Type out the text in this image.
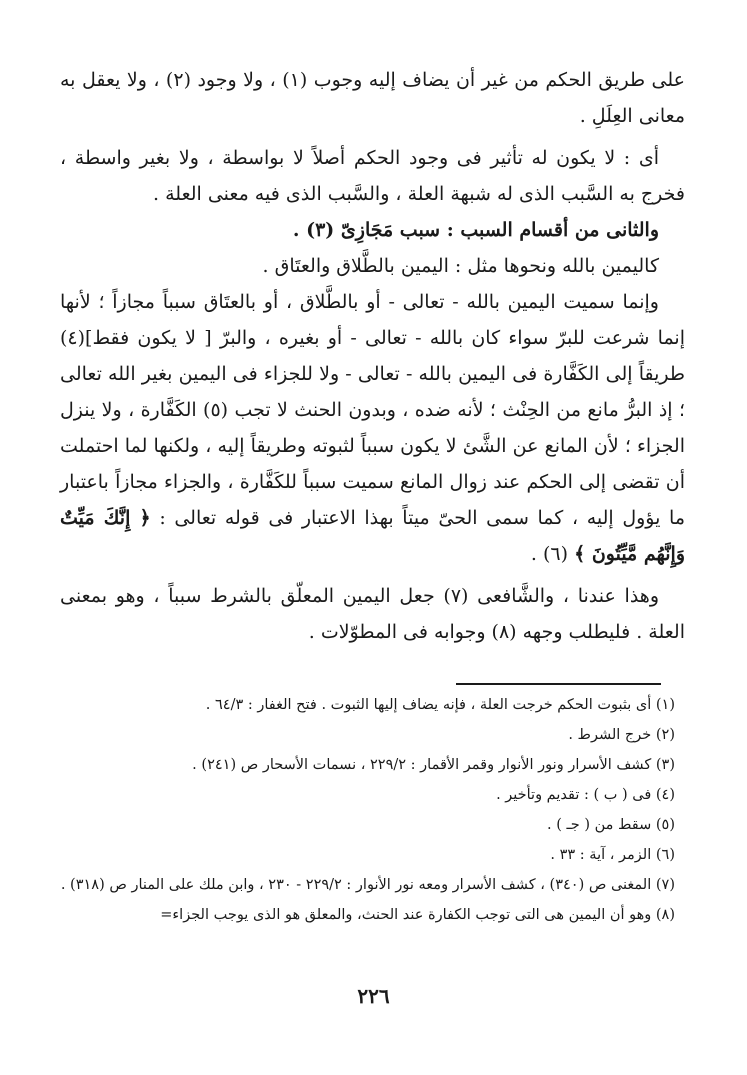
على طريق الحكم من غير أن يضاف إليه وجوب (١) ، ولا وجود (٢) ، ولا يعقل به معانى العِلَلِ .

أى : لا يكون له تأثير فى وجود الحكم أصلاً لا بواسطة ، ولا بغير واسطة ، فخرج به السَّبب الذى له شبهة العلة ، والسَّبب الذى فيه معنى العلة .

والثانى من أقسام السبب : سبب مَجَازِىّ (٣) .

كاليمين بالله ونحوها مثل : اليمين بالطَّلاق والعتَاق .

وإنما سميت اليمين بالله - تعالى - أو بالطَّلاق ، أو بالعتَاق سبباً مجازاً ؛ لأنها إنما شرعت للبرّ سواء كان بالله - تعالى - أو بغيره ، والبرّ [ لا يكون فقط](٤) طريقاً إلى الكَفَّارة فى اليمين بالله - تعالى - ولا للجزاء فى اليمين بغير الله تعالى ؛ إذ البرُّ مانع من الحِنْث ؛ لأنه ضده ، وبدون الحنث لا تجب (٥) الكَفَّارة ، ولا ينزل الجزاء ؛ لأن المانع عن الشَّئ لا يكون سبباً لثبوته وطريقاً إليه ، ولكنها لما احتملت أن تقضى إلى الحكم عند زوال المانع سميت سبباً للكَفَّارة ، والجزاء مجازاً باعتبار ما يؤول إليه ، كما سمى الحىّ ميتاً بهذا الاعتبار فى قوله تعالى : ﴿ إِنَّكَ مَيِّتٌ وَإِنَّهُم مَّيِّتُونَ ﴾ (٦) .

وهذا عندنا ، والشَّافعى (٧) جعل اليمين المعلّق بالشرط سبباً ، وهو بمعنى العلة . فليطلب وجهه (٨) وجوابه فى المطوّلات .

(١) أى بثبوت الحكم خرجت العلة ، فإنه يضاف إليها الثبوت . فتح الغفار : ٦٤/٣ .

(٢) خرج الشرط .

(٣) كشف الأسرار ونور الأنوار وقمر الأقمار : ٢٢٩/٢ ، نسمات الأسحار ص (٢٤١) .

(٤) فى ( ب ) : تقديم وتأخير .

(٥) سقط من ( جـ ) .

(٦) الزمر ، آية : ٣٣ .

(٧) المغنى ص (٣٤٠) ، كشف الأسرار ومعه نور الأنوار : ٢٢٩/٢ - ٢٣٠ ، وابن ملك على المنار ص (٣١٨) .

(٨) وهو أن اليمين هى التى توجب الكفارة عند الحنث، والمعلق هو الذى يوجب الجزاء=

٢٢٦
